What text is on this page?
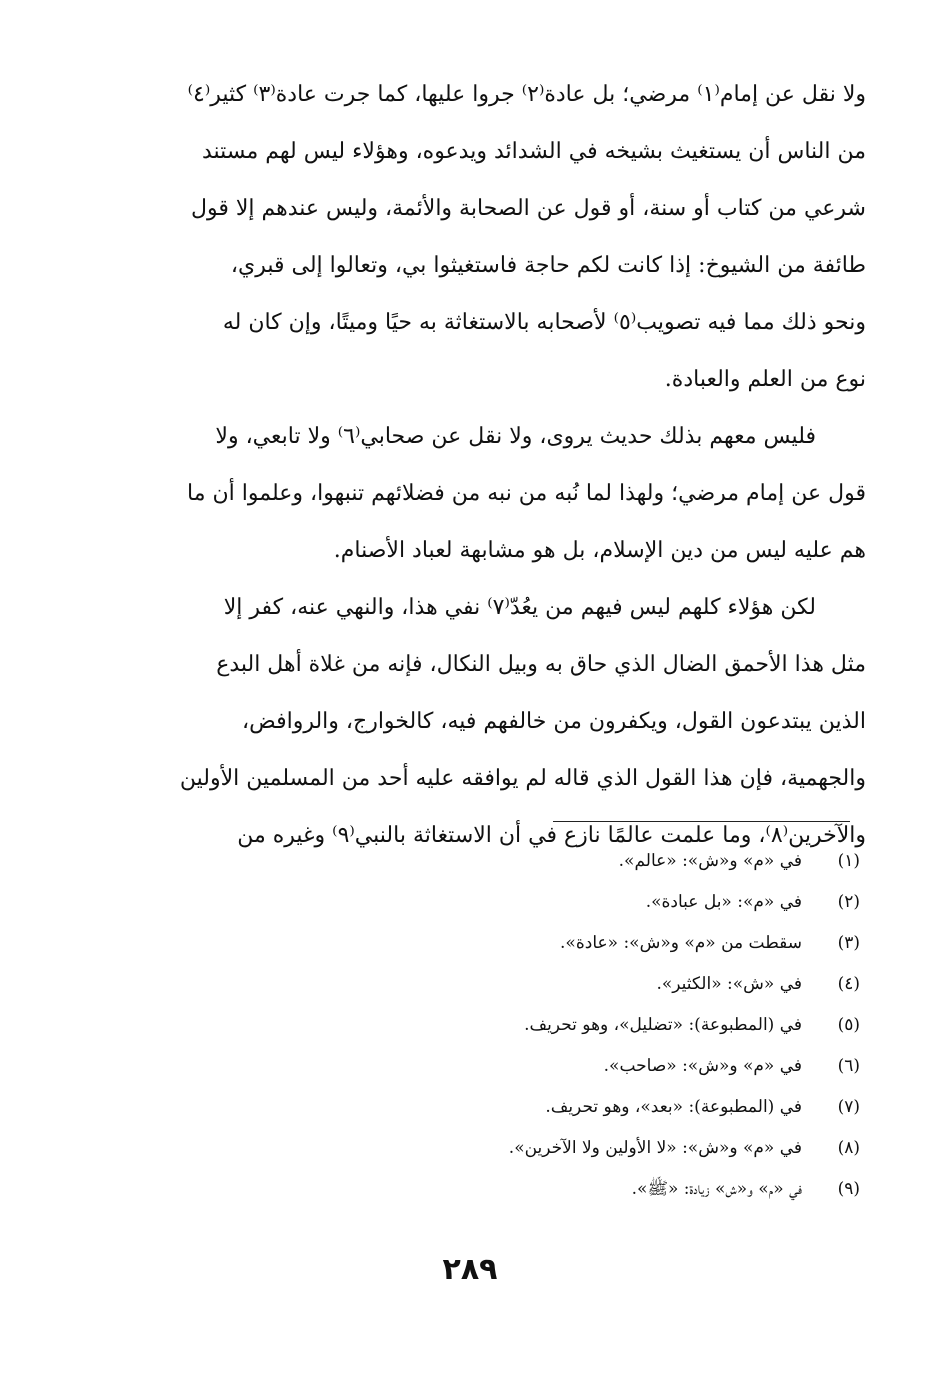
ولا نقل عن إمام⁽١⁾ مرضي؛ بل عادة⁽٢⁾ جروا عليها، كما جرت عادة⁽٣⁾ كثير⁽٤⁾
من الناس أن يستغيث بشيخه في الشدائد ويدعوه، وهؤلاء ليس لهم مستند
شرعي من كتاب أو سنة، أو قول عن الصحابة والأئمة، وليس عندهم إلا قول
طائفة من الشيوخ: إذا كانت لكم حاجة فاستغيثوا بي، وتعالوا إلى قبري،
ونحو ذلك مما فيه تصويب⁽٥⁾ لأصحابه بالاستغاثة به حيًا وميتًا، وإن كان له
نوع من العلم والعبادة.
فليس معهم بذلك حديث يروى، ولا نقل عن صحابي⁽٦⁾ ولا تابعي، ولا
قول عن إمام مرضي؛ ولهذا لما نُبه من نبه من فضلائهم تنبهوا، وعلموا أن ما
هم عليه ليس من دين الإسلام، بل هو مشابهة لعباد الأصنام.
لكن هؤلاء كلهم ليس فيهم من يعُدّ⁽٧⁾ نفي هذا، والنهي عنه، كفر إلا
مثل هذا الأحمق الضال الذي حاق به وبيل النكال، فإنه من غلاة أهل البدع
الذين يبتدعون القول، ويكفرون من خالفهم فيه، كالخوارج، والروافض،
والجهمية، فإن هذا القول الذي قاله لم يوافقه عليه أحد من المسلمين الأولين
والآخرين⁽٨⁾، وما علمت عالمًا نازع في أن الاستغاثة بالنبي⁽٩⁾ وغيره من
(١)في «م» و«ش»: «عالم».
(٢)في «م»: «بل عبادة».
(٣)سقطت من «م» و«ش»: «عادة».
(٤)في «ش»: «الكثير».
(٥)في (المطبوعة): «تضليل»، وهو تحريف.
(٦)في «م» و«ش»: «صاحب».
(٧)في (المطبوعة): «بعد»، وهو تحريف.
(٨)في «م» و«ش»: «لا الأولين ولا الآخرين».
(٩)في «م» و«ش» زيادة: «ﷺ».
٢٨٩
